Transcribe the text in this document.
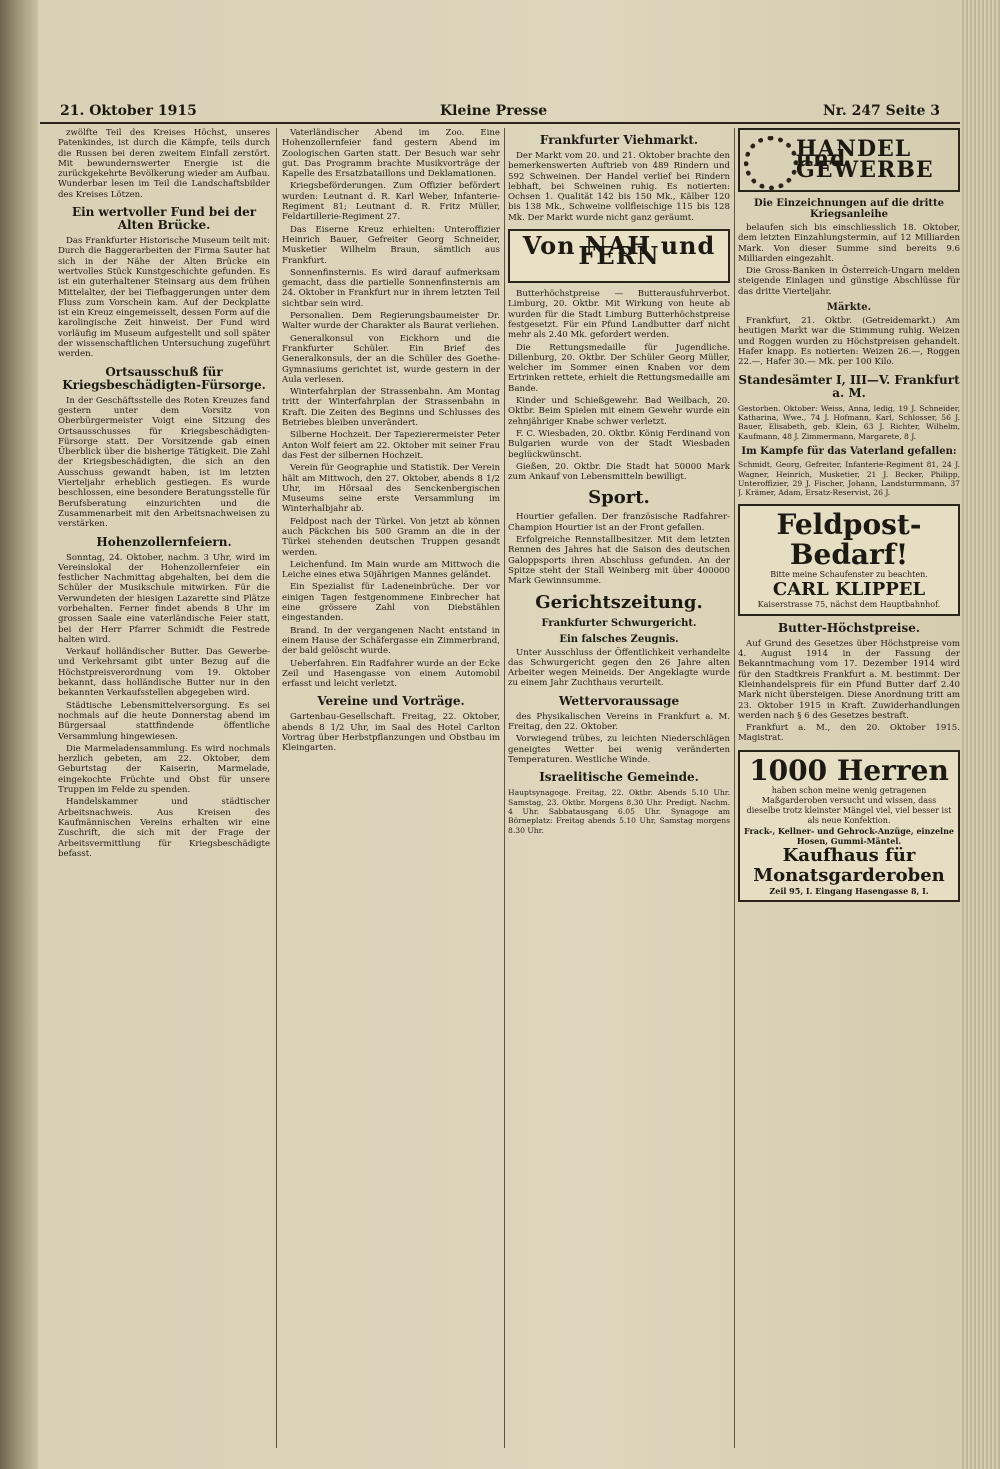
21. Oktober 1915	Kleine Presse	Nr. 247 Seite 3

zwölfte Teil des Kreises Höchst, unseres Patenkindes, ist durch die Kämpfe, teils durch die Russen bei deren zweitem Einfall zerstört. Mit bewundernswerter Energie ist die zurückgekehrte Bevölkerung wieder am Aufbau. Wunderbar lesen im Teil die Landschaftsbilder des Kreises Lötzen.

Ein wertvoller Fund bei der Alten Brücke.

Das Frankfurter Historische Museum teilt mit: Durch die Baggerarbeiten der Firma Sauter hat sich in der Nähe der Alten Brücke ein wertvolles Stück Kunstgeschichte gefunden. Es ist ein guterhaltener Steinsarg aus dem frühen Mittelalter, der bei Tiefbaggerungen unter dem Fluss zum Vorschein kam. Auf der Deckplatte ist ein Kreuz eingemeisselt, dessen Form auf die karolingische Zeit hinweist. Der Fund wird vorläufig im Museum aufgestellt und soll später der wissenschaftlichen Untersuchung zugeführt werden.

Ortsausschuß für Kriegsbeschädigten-Fürsorge.

In der Geschäftsstelle des Roten Kreuzes fand gestern unter dem Vorsitz von Oberbürgermeister Voigt eine Sitzung des Ortsausschusses für Kriegsbeschädigten-Fürsorge statt. Der Vorsitzende gab einen Überblick über die bisherige Tätigkeit. Die Zahl der Kriegsbeschädigten, die sich an den Ausschuss gewandt haben, ist im letzten Vierteljahr erheblich gestiegen. Es wurde beschlossen, eine besondere Beratungsstelle für Berufsberatung einzurichten und die Zusammenarbeit mit den Arbeitsnachweisen zu verstärken.

Hohenzollernfeiern.

Sonntag, 24. Oktober, nachm. 3 Uhr, wird im Vereinslokal der Hohenzollernfeier ein festlicher Nachmittag abgehalten, bei dem die Schüler der Musikschule mitwirken. Für die Verwundeten der hiesigen Lazarette sind Plätze vorbehalten. Ferner findet abends 8 Uhr im grossen Saale eine vaterländische Feier statt, bei der Herr Pfarrer Schmidt die Festrede halten wird.

Verkauf holländischer Butter. Das Gewerbe- und Verkehrsamt gibt unter Bezug auf die Höchstpreisverordnung vom 19. Oktober bekannt, dass holländische Butter nur in den bekannten Verkaufsstellen abgegeben wird.

Städtische Lebensmittelversorgung. Es sei nochmals auf die heute Donnerstag abend im Bürgersaal stattfindende öffentliche Versammlung hingewiesen.

Die Marmeladensammlung. Es wird nochmals herzlich gebeten, am 22. Oktober, dem Geburtstag der Kaiserin, Marmelade, eingekochte Früchte und Obst für unsere Truppen im Felde zu spenden.

Handelskammer und städtischer Arbeitsnachweis. Aus Kreisen des Kaufmännischen Vereins erhalten wir eine Zuschrift, die sich mit der Frage der Arbeitsvermittlung für Kriegsbeschädigte befasst.

Vaterländischer Abend im Zoo. Eine Hohenzollernfeier fand gestern Abend im Zoologischen Garten statt. Der Besuch war sehr gut. Das Programm brachte Musikvorträge der Kapelle des Ersatzbataillons und Deklamationen.

Kriegsbeförderungen. Zum Offizier befördert wurden: Leutnant d. R. Karl Weber, Infanterie-Regiment 81; Leutnant d. R. Fritz Müller, Feldartillerie-Regiment 27.

Das Eiserne Kreuz erhielten: Unteroffizier Heinrich Bauer, Gefreiter Georg Schneider, Musketier Wilhelm Braun, sämtlich aus Frankfurt.

Sonnenfinsternis. Es wird darauf aufmerksam gemacht, dass die partielle Sonnenfinsternis am 24. Oktober in Frankfurt nur in ihrem letzten Teil sichtbar sein wird.

Personalien. Dem Regierungsbaumeister Dr. Walter wurde der Charakter als Baurat verliehen.

Generalkonsul von Eickhorn und die Frankfurter Schüler. Ein Brief des Generalkonsuls, der an die Schüler des Goethe-Gymnasiums gerichtet ist, wurde gestern in der Aula verlesen.

Winterfahrplan der Strassenbahn. Am Montag tritt der Winterfahrplan der Strassenbahn in Kraft. Die Zeiten des Beginns und Schlusses des Betriebes bleiben unverändert.

Silberne Hochzeit. Der Tapezierermeister Peter Anton Wolf feiert am 22. Oktober mit seiner Frau das Fest der silbernen Hochzeit.

Verein für Geographie und Statistik. Der Verein hält am Mittwoch, den 27. Oktober, abends 8 1/2 Uhr, im Hörsaal des Senckenbergischen Museums seine erste Versammlung im Winterhalbjahr ab.

Feldpost nach der Türkei. Von jetzt ab können auch Päckchen bis 500 Gramm an die in der Türkei stehenden deutschen Truppen gesandt werden.

Leichenfund. Im Main wurde am Mittwoch die Leiche eines etwa 50jährigen Mannes geländet.

Ein Spezialist für Ladeneinbrüche. Der vor einigen Tagen festgenommene Einbrecher hat eine grössere Zahl von Diebstählen eingestanden.

Brand. In der vergangenen Nacht entstand in einem Hause der Schäfergasse ein Zimmerbrand, der bald gelöscht wurde.

Ueberfahren. Ein Radfahrer wurde an der Ecke Zeil und Hasengasse von einem Automobil erfasst und leicht verletzt.

Vereine und Vorträge.

Gartenbau-Gesellschaft. Freitag, 22. Oktober, abends 8 1/2 Uhr, im Saal des Hotel Carlton Vortrag über Herbstpflanzungen und Obstbau im Kleingarten.

Frankfurter Viehmarkt.

Der Markt vom 20. und 21. Oktober brachte den bemerkenswerten Auftrieb von 489 Rindern und 592 Schweinen. Der Handel verlief bei Rindern lebhaft, bei Schweinen ruhig. Es notierten: Ochsen 1. Qualität 142 bis 150 Mk., Kälber 120 bis 138 Mk., Schweine vollfleischige 115 bis 128 Mk. Der Markt wurde nicht ganz geräumt.

Von NAH und FERN

Butterhöchstpreise — Butterausfuhrverbot. Limburg, 20. Oktbr. Mit Wirkung von heute ab wurden für die Stadt Limburg Butterhöchstpreise festgesetzt. Für ein Pfund Landbutter darf nicht mehr als 2.40 Mk. gefordert werden.

Die Rettungsmedaille für Jugendliche. Dillenburg, 20. Oktbr. Der Schüler Georg Müller, welcher im Sommer einen Knaben vor dem Ertrinken rettete, erhielt die Rettungsmedaille am Bande.

Kinder und Schießgewehr. Bad Weilbach, 20. Oktbr. Beim Spielen mit einem Gewehr wurde ein zehnjähriger Knabe schwer verletzt.

F. C. Wiesbaden, 20. Oktbr. König Ferdinand von Bulgarien wurde von der Stadt Wiesbaden beglückwünscht.

Gießen, 20. Oktbr. Die Stadt hat 50000 Mark zum Ankauf von Lebensmitteln bewilligt.

Sport.

Hourtier gefallen. Der französische Radfahrer-Champion Hourtier ist an der Front gefallen.

Erfolgreiche Rennstallbesitzer. Mit dem letzten Rennen des Jahres hat die Saison des deutschen Galoppsports ihren Abschluss gefunden. An der Spitze steht der Stall Weinberg mit über 400000 Mark Gewinnsumme.

Gerichtszeitung.
Frankfurter Schwurgericht.
Ein falsches Zeugnis.

Unter Ausschluss der Öffentlichkeit verhandelte das Schwurgericht gegen den 26 Jahre alten Arbeiter wegen Meineids. Der Angeklagte wurde zu einem Jahr Zuchthaus verurteilt.

Wettervoraussage

des Physikalischen Vereins in Frankfurt a. M. Freitag, den 22. Oktober.

Vorwiegend trübes, zu leichten Niederschlägen geneigtes Wetter bei wenig veränderten Temperaturen. Westliche Winde.

Israelitische Gemeinde.

Hauptsynagoge. Freitag, 22. Oktbr. Abends 5.10 Uhr. Samstag, 23. Oktbr. Morgens 8.30 Uhr. Predigt. Nachm. 4 Uhr. Sabbatausgang 6.05 Uhr. Synagoge am Börneplatz: Freitag abends 5.10 Uhr, Samstag morgens 8.30 Uhr.

HANDEL und GEWERBE
Die Einzeichnungen auf die dritte Kriegsanleihe

belaufen sich bis einschliesslich 18. Oktober, dem letzten Einzahlungstermin, auf 12 Milliarden Mark. Von dieser Summe sind bereits 9.6 Milliarden eingezahlt.

Die Gross-Banken in Österreich-Ungarn melden steigende Einlagen und günstige Abschlüsse für das dritte Vierteljahr.

Märkte.

Frankfurt, 21. Oktbr. (Getreidemarkt.) Am heutigen Markt war die Stimmung ruhig. Weizen und Roggen wurden zu Höchstpreisen gehandelt. Hafer knapp. Es notierten: Weizen 26.—, Roggen 22.—, Hafer 30.— Mk. per 100 Kilo.

Standesämter I, III—V. Frankfurt a. M.

Gestorben. Oktober: Weiss, Anna, ledig, 19 J. Schneider, Katharina, Wwe., 74 J. Hofmann, Karl, Schlosser, 56 J. Bauer, Elisabeth, geb. Klein, 63 J. Richter, Wilhelm, Kaufmann, 48 J. Zimmermann, Margarete, 8 J.

Im Kampfe für das Vaterland gefallen:

Schmidt, Georg, Gefreiter, Infanterie-Regiment 81, 24 J. Wagner, Heinrich, Musketier, 21 J. Becker, Philipp, Unteroffizier, 29 J. Fischer, Johann, Landsturmmann, 37 J. Krämer, Adam, Ersatz-Reservist, 26 J.

Feldpost-Bedarf!
Bitte meine Schaufenster zu beachten.
CARL KLIPPEL
Kaiserstrasse 75, nächst dem Hauptbahnhof.
Butter-Höchstpreise.

Auf Grund des Gesetzes über Höchstpreise vom 4. August 1914 in der Fassung der Bekanntmachung vom 17. Dezember 1914 wird für den Stadtkreis Frankfurt a. M. bestimmt: Der Kleinhandelspreis für ein Pfund Butter darf 2.40 Mark nicht übersteigen. Diese Anordnung tritt am 23. Oktober 1915 in Kraft. Zuwiderhandlungen werden nach § 6 des Gesetzes bestraft.

Frankfurt a. M., den 20. Oktober 1915. Magistrat.

1000 Herren
haben schon meine wenig getragenen Maßgarderoben versucht und wissen, dass dieselbe trotz kleinster Mängel viel, viel besser ist als neue Konfektion.
Frack-, Kellner- und Gehrock-Anzüge, einzelne Hosen, Gummi-Mäntel.
Kaufhaus für Monatsgarderoben
Zeil 95, I. Eingang Hasengasse 8, I.
